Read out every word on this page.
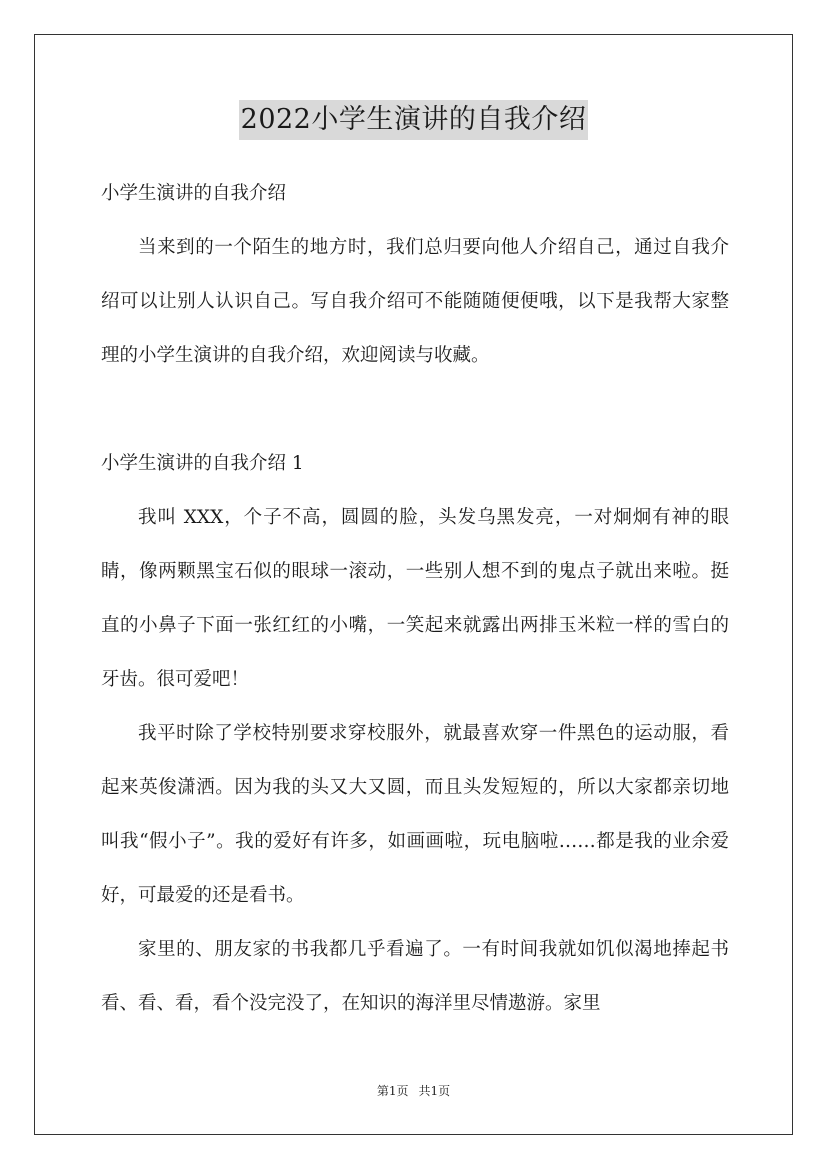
2022小学生演讲的自我介绍

小学生演讲的自我介绍

当来到的一个陌生的地方时，我们总归要向他人介绍自己，通过自我介绍可以让别人认识自己。写自我介绍可不能随随便便哦，以下是我帮大家整理的小学生演讲的自我介绍，欢迎阅读与收藏。

小学生演讲的自我介绍 1

我叫 XXX，个子不高，圆圆的脸，头发乌黑发亮，一对炯炯有神的眼睛，像两颗黑宝石似的眼球一滚动，一些别人想不到的鬼点子就出来啦。挺直的小鼻子下面一张红红的小嘴，一笑起来就露出两排玉米粒一样的雪白的牙齿。很可爱吧！

我平时除了学校特别要求穿校服外，就最喜欢穿一件黑色的运动服，看起来英俊潇洒。因为我的头又大又圆，而且头发短短的，所以大家都亲切地叫我“假小子”。我的爱好有许多，如画画啦，玩电脑啦……都是我的业余爱好，可最爱的还是看书。

家里的、朋友家的书我都几乎看遍了。一有时间我就如饥似渴地捧起书看、看、看，看个没完没了，在知识的海洋里尽情遨游。家里

第1页 共1页
